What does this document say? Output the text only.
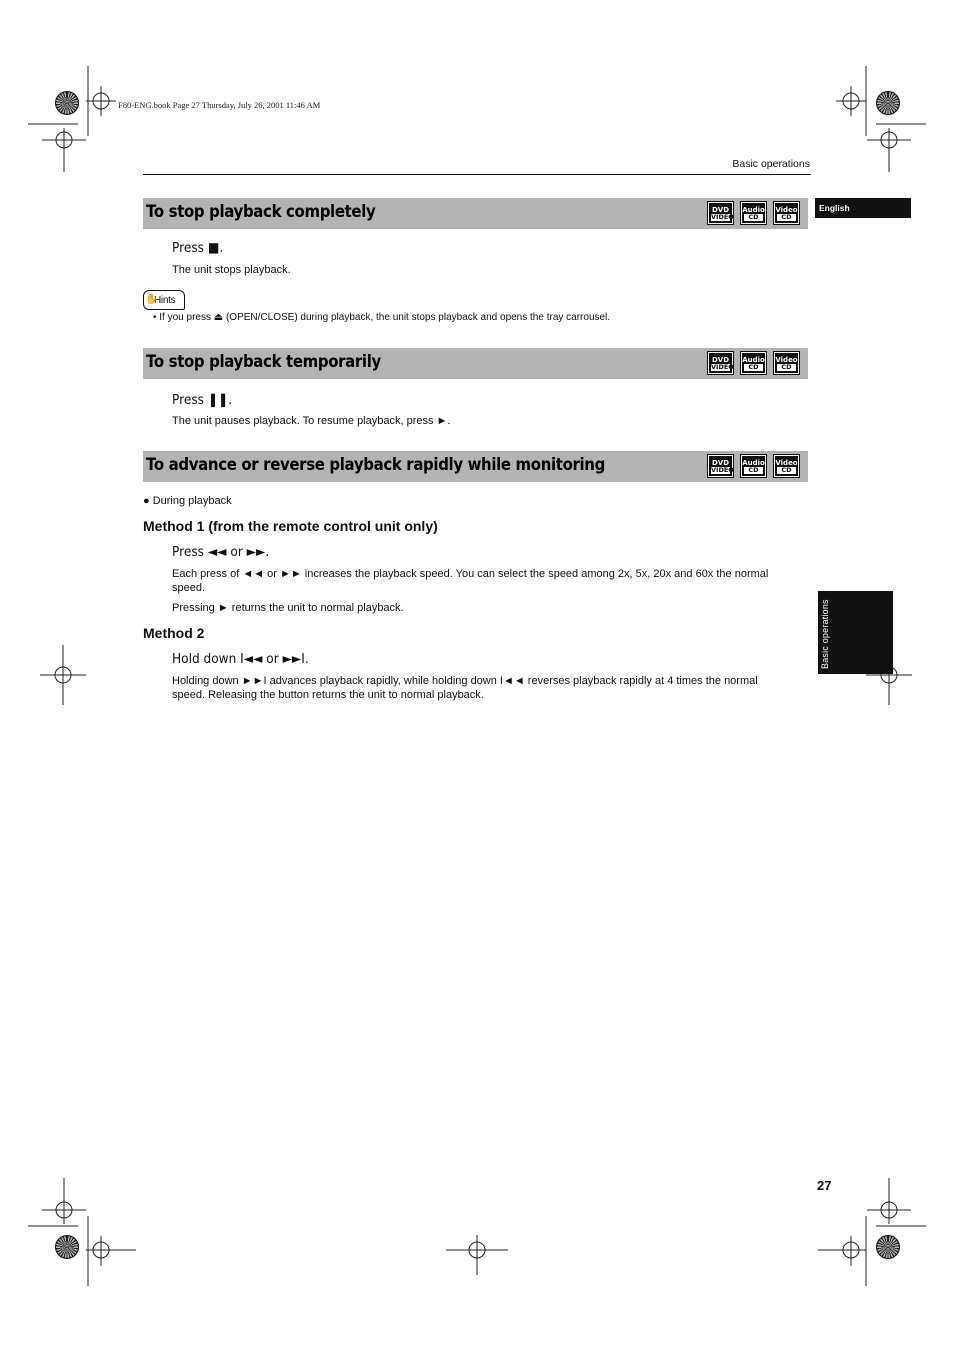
F80-ENG.book Page 27 Thursday, July 26, 2001 11:46 AM
Basic operations
English
Basic operations
To stop playback completely	DVD
VIDEO
Audio
CD
Video
CD
Press ■.
The unit stops playback.
✋
Hints
• If you press ⏏ (OPEN/CLOSE) during playback, the unit stops playback and opens the tray carrousel.
To stop playback temporarily	DVD
VIDEO
Audio
CD
Video
CD
Press ❚❚.
The unit pauses playback. To resume playback, press ►.
To advance or reverse playback rapidly while monitoring	DVD
VIDEO
Audio
CD
Video
CD
● During playback
Method 1 (from the remote control unit only)
Press ◄◄ or ►►.
Each press of ◄◄ or ►► increases the playback speed. You can select the speed among 2x, 5x, 20x and 60x the normal speed.
Pressing ► returns the unit to normal playback.
Method 2
Hold down I◄◄ or ►►I.
Holding down ►►I advances playback rapidly, while holding down I◄◄ reverses playback rapidly at 4 times the normal speed. Releasing the button returns the unit to normal playback.
27
